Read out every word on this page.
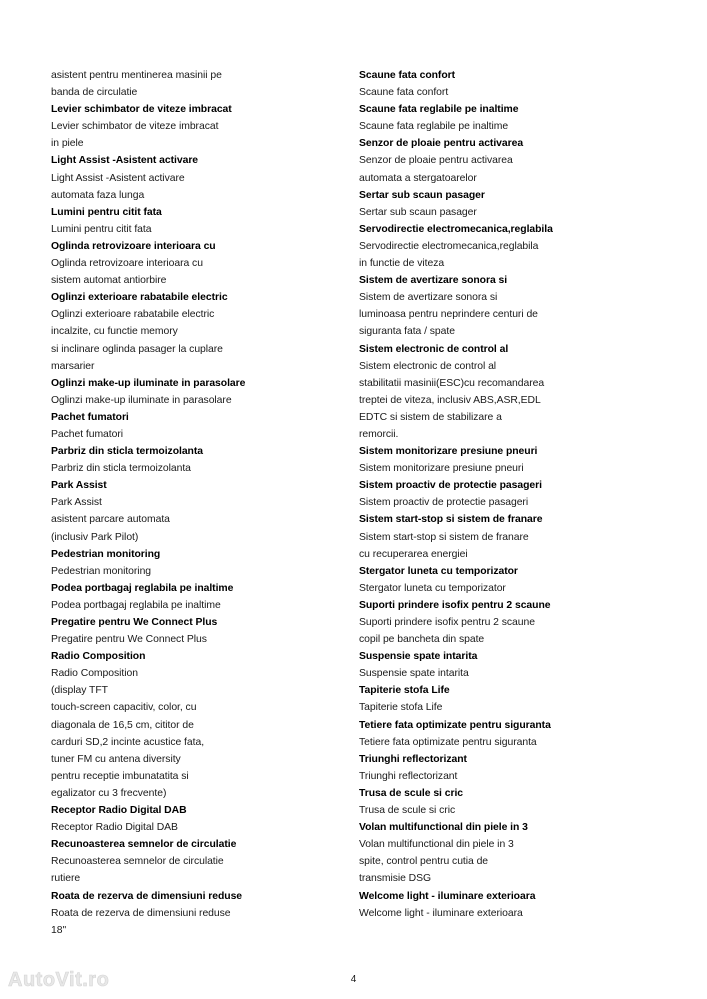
asistent pentru mentinerea masinii pe
banda de circulatie
Levier schimbator de viteze imbracat
Levier schimbator de viteze imbracat
in piele
Light Assist -Asistent activare
Light Assist -Asistent activare
automata faza lunga
Lumini pentru citit fata
Lumini pentru citit fata
Oglinda retrovizoare interioara cu
Oglinda retrovizoare interioara cu
sistem automat antiorbire
Oglinzi exterioare rabatabile electric
Oglinzi exterioare rabatabile electric
incalzite, cu functie memory
si inclinare oglinda pasager la cuplare
marsarier
Oglinzi make-up iluminate in parasolare
Oglinzi make-up iluminate in parasolare
Pachet fumatori
Pachet fumatori
Parbriz din sticla termoizolanta
Parbriz din sticla termoizolanta
Park Assist
Park Assist
asistent parcare automata
(inclusiv Park Pilot)
Pedestrian monitoring
Pedestrian monitoring
Podea portbagaj reglabila pe inaltime
Podea portbagaj reglabila pe inaltime
Pregatire pentru We Connect Plus
Pregatire pentru We Connect Plus
Radio Composition
Radio Composition
(display TFT
touch-screen capacitiv, color, cu
diagonala de 16,5 cm, cititor de
carduri SD,2 incinte acustice fata,
tuner FM cu antena diversity
pentru receptie imbunatatita si
egalizator cu 3 frecvente)
Receptor Radio Digital DAB
Receptor Radio Digital DAB
Recunoasterea semnelor de circulatie
Recunoasterea semnelor de circulatie
rutiere
Roata de rezerva de dimensiuni reduse
Roata de rezerva de dimensiuni reduse
18"
Scaune fata confort
Scaune fata confort
Scaune fata reglabile pe inaltime
Scaune fata reglabile pe inaltime
Senzor de ploaie pentru activarea
Senzor de ploaie pentru activarea
automata a stergatoarelor
Sertar sub scaun pasager
Sertar sub scaun pasager
Servodirectie electromecanica,reglabila
Servodirectie electromecanica,reglabila
in functie de viteza
Sistem de avertizare sonora si
Sistem de avertizare sonora si
luminoasa pentru neprindere centuri de
siguranta fata / spate
Sistem electronic de control al
Sistem electronic de control al
stabilitatii masinii(ESC)cu recomandarea
treptei de viteza, inclusiv ABS,ASR,EDL
EDTC si sistem de stabilizare a
remorcii.
Sistem monitorizare presiune pneuri
Sistem monitorizare presiune pneuri
Sistem proactiv de protectie pasageri
Sistem proactiv de protectie pasageri
Sistem start-stop si sistem de franare
Sistem start-stop si sistem de franare
cu recuperarea energiei
Stergator luneta cu temporizator
Stergator luneta cu temporizator
Suporti prindere isofix pentru 2 scaune
Suporti prindere isofix pentru 2 scaune
copil pe bancheta din spate
Suspensie spate intarita
Suspensie spate intarita
Tapiterie stofa Life
Tapiterie stofa Life
Tetiere fata optimizate pentru siguranta
Tetiere fata optimizate pentru siguranta
Triunghi reflectorizant
Triunghi reflectorizant
Trusa de scule si cric
Trusa de scule si cric
Volan multifunctional din piele in 3
Volan multifunctional din piele in 3
spite, control pentru cutia de
transmisie DSG
Welcome light - iluminare exterioara
Welcome light - iluminare exterioara
4
AutoVit.ro
